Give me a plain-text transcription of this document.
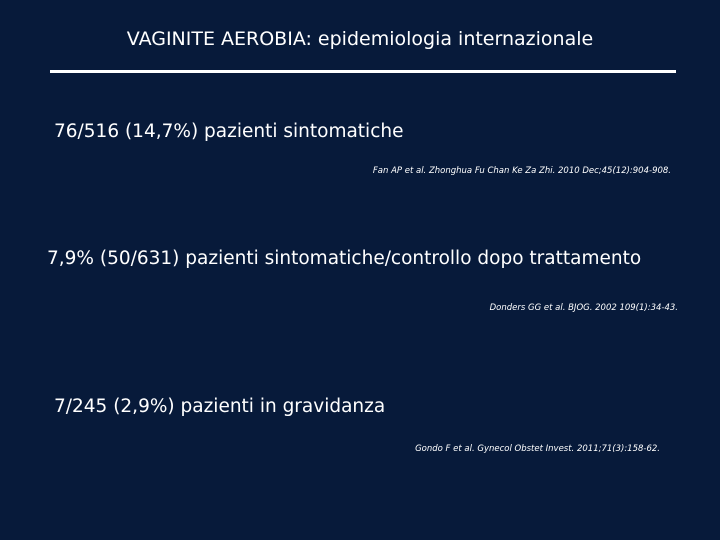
VAGINITE AEROBIA: epidemiologia internazionale
76/516 (14,7%) pazienti sintomatiche
Fan AP et al. Zhonghua Fu Chan Ke Za Zhi. 2010 Dec;45(12):904-908.
7,9% (50/631) pazienti sintomatiche/controllo dopo trattamento
Donders GG et al. BJOG. 2002 109(1):34-43.
7/245 (2,9%) pazienti in gravidanza
Gondo F et al. Gynecol Obstet Invest. 2011;71(3):158-62.
